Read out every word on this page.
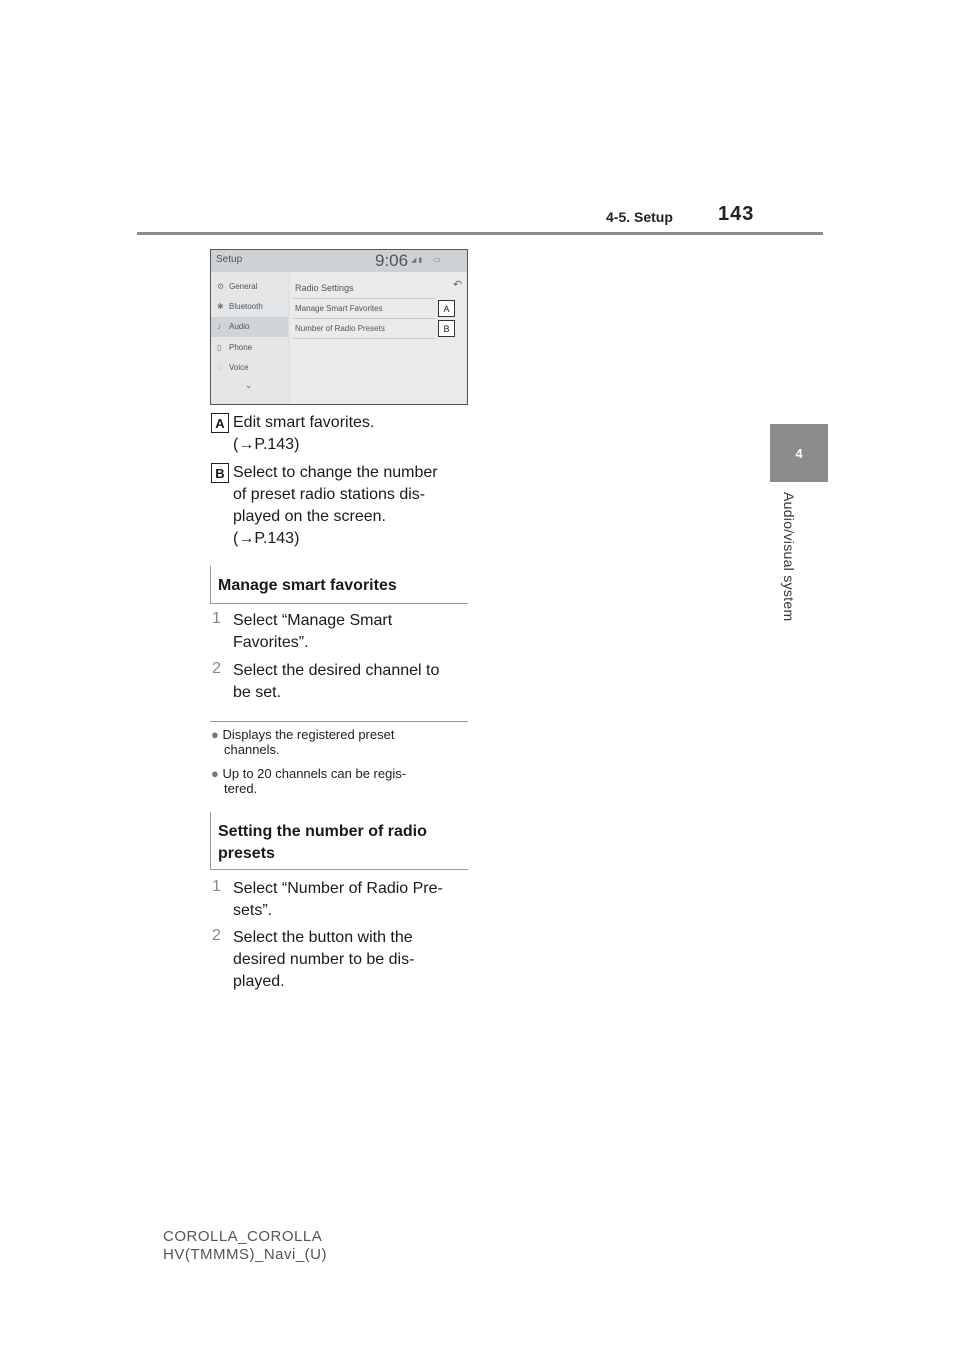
4-5. Setup 143
4
Audio/visual system
Setup	9:06 ◢ ▮ ▭
⚙ General
✱ Bluetooth
♪ Audio
▯ Phone
◌ Voice
⌄
Radio Settings	↶
Manage Smart Favorites
Number of Radio Presets
A
B
A Edit smart favorites.
(→P.143)
B Select to change the number
of preset radio stations dis-
played on the screen.
(→P.143)
Manage smart favorites
1 Select “Manage Smart
Favorites”.
2 Select the desired channel to
be set.
● Displays the registered preset
channels.
● Up to 20 channels can be regis-
tered.
Setting the number of radio
presets
1 Select “Number of Radio Pre-
sets”.
2 Select the button with the
desired number to be dis-
played.
COROLLA_COROLLA
HV(TMMMS)_Navi_(U)
